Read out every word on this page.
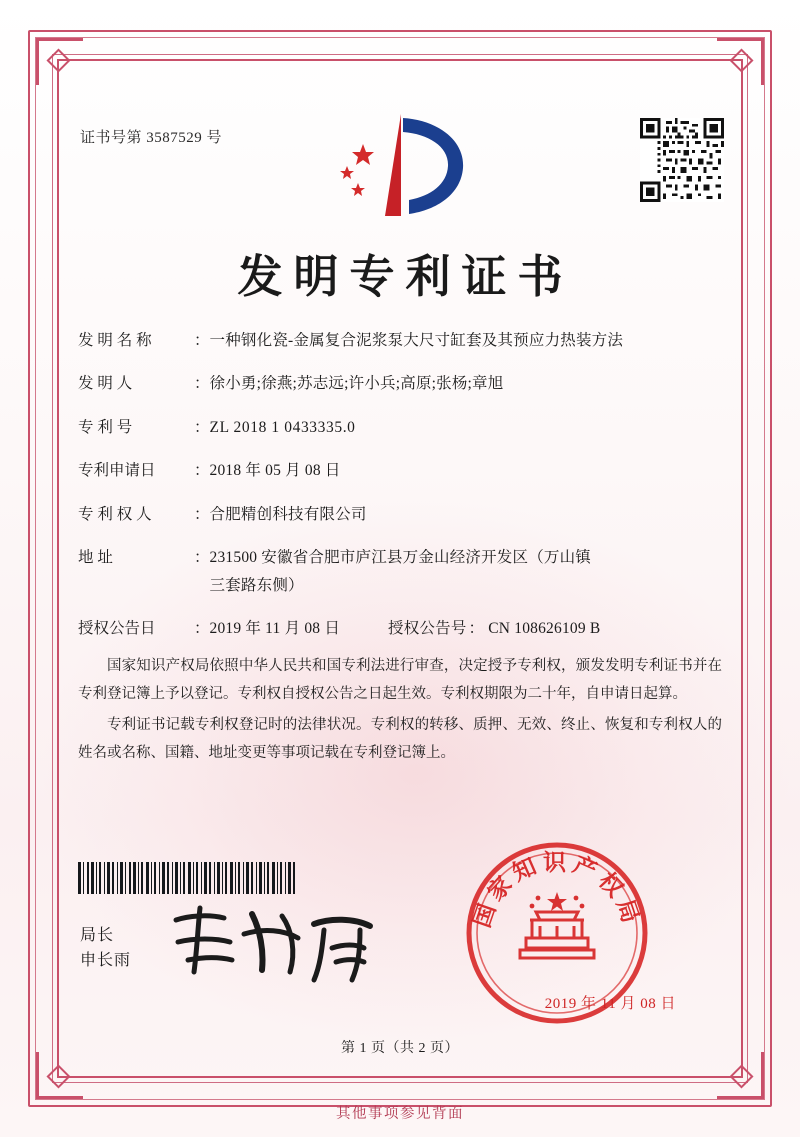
证书号第 3587529 号
发明专利证书
发 明 名 称	： 一种钢化瓷-金属复合泥浆泵大尺寸缸套及其预应力热装方法
发 明 人	： 徐小勇;徐燕;苏志远;许小兵;高原;张杨;章旭
专 利 号	： ZL 2018 1 0433335.0
专利申请日	： 2018 年 05 月 08 日
专 利 权 人	： 合肥精创科技有限公司
地 址	： 231500 安徽省合肥市庐江县万金山经济开发区（万山镇
三套路东侧）
授权公告日	： 2019 年 11 月 08 日	授权公告号 ： CN 108626109 B

国家知识产权局依照中华人民共和国专利法进行审查，决定授予专利权，颁发发明专利证书并在专利登记簿上予以登记。专利权自授权公告之日起生效。专利权期限为二十年，自申请日起算。

专利证书记载专利权登记时的法律状况。专利权的转移、质押、无效、终止、恢复和专利权人的姓名或名称、国籍、地址变更等事项记载在专利登记簿上。

局长
申长雨
国家知识产权局
2019 年 11 月 08 日
第 1 页（共 2 页）
其他事项参见背面
